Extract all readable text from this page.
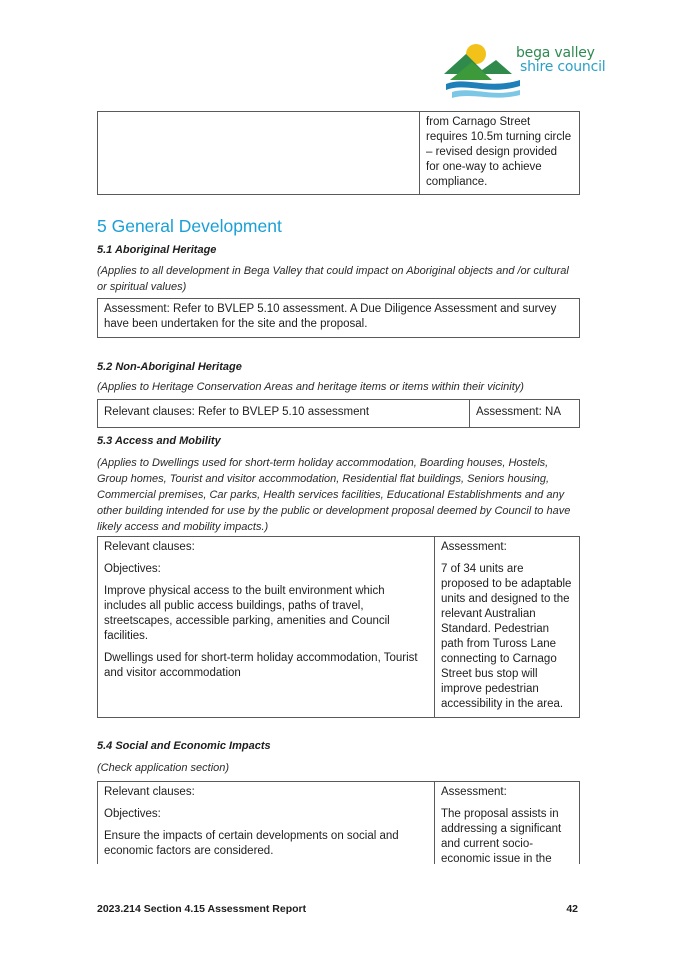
bega valley
shire council
from Carnago Street requires 10.5m turning circle – revised design provided for one-way to achieve compliance.
5 General Development
5.1 Aboriginal Heritage
(Applies to all development in Bega Valley that could impact on Aboriginal objects and /or cultural or spiritual values)
Assessment: Refer to BVLEP 5.10 assessment. A Due Diligence Assessment and survey have been undertaken for the site and the proposal.
5.2 Non-Aboriginal Heritage
(Applies to Heritage Conservation Areas and heritage items or items within their vicinity)
Relevant clauses: Refer to BVLEP 5.10 assessment	Assessment: NA
5.3 Access and Mobility
(Applies to Dwellings used for short-term holiday accommodation, Boarding houses, Hostels, Group homes, Tourist and visitor accommodation, Residential flat buildings, Seniors housing, Commercial premises, Car parks, Health services facilities, Educational Establishments and any other building intended for use by the public or development proposal deemed by Council to have likely access and mobility impacts.)

Relevant clauses:

Objectives:

Improve physical access to the built environment which includes all public access buildings, paths of travel, streetscapes, accessible parking, amenities and Council facilities.

Dwellings used for short-term holiday accommodation, Tourist and visitor accommodation

Assessment:

7 of 34 units are proposed to be adaptable units and designed to the relevant Australian Standard. Pedestrian path from Tuross Lane connecting to Carnago Street bus stop will improve pedestrian accessibility in the area.

5.4 Social and Economic Impacts
(Check application section)

Relevant clauses:

Objectives:

Ensure the impacts of certain developments on social and economic factors are considered.

Assessment:

The proposal assists in addressing a significant and current socio-economic issue in the

2023.214 Section 4.15 Assessment Report	42
